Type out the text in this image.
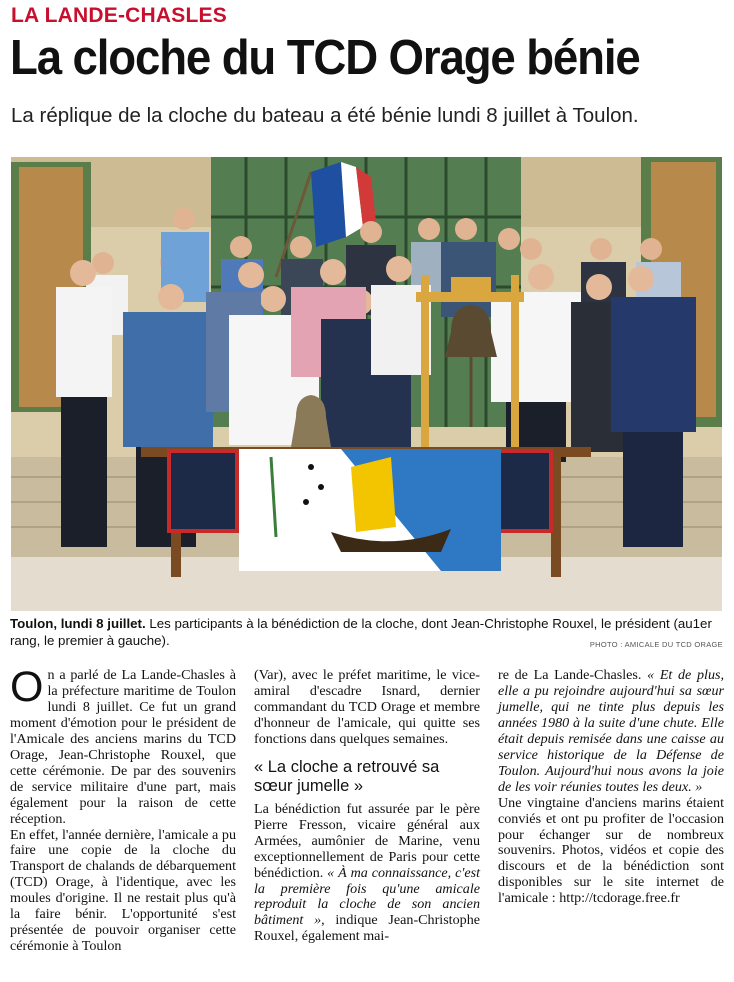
LA LANDE-CHASLES
La cloche du TCD Orage bénie
La réplique de la cloche du bateau a été bénie lundi 8 juillet à Toulon.
Toulon, lundi 8 juillet. Les participants à la bénédiction de la cloche, dont Jean-Christophe Rouxel, le président (au1er rang, le premier à gauche).	PHOTO : AMICALE DU TCD ORAGE
O n a parlé de La Lande-Chasles à la préfecture maritime de Toulon lundi 8 juillet. Ce fut un grand moment d'émotion pour le président de l'Amicale des anciens marins du TCD Orage, Jean-Christophe Rouxel, que cette cérémonie. De par des souvenirs de service militaire d'une part, mais également pour la raison de cette réception.

En effet, l'année dernière, l'amicale a pu faire une copie de la cloche du Transport de chalands de débarquement (TCD) Orage, à l'identique, avec les moules d'origine. Il ne restait plus qu'à la faire bénir. L'opportunité s'est présentée de pouvoir organiser cette cérémonie à Toulon

(Var), avec le préfet maritime, le vice-amiral d'escadre Isnard, dernier commandant du TCD Orage et membre d'honneur de l'amicale, qui quitte ses fonctions dans quelques semaines.

« La cloche a retrouvé sa sœur jumelle »

La bénédiction fut assurée par le père Pierre Fresson, vicaire général aux Armées, aumônier de Marine, venu exceptionnellement de Paris pour cette bénédiction. « À ma connaissance, c'est la première fois qu'une amicale reproduit la cloche de son ancien bâtiment », indique Jean-Christophe Rouxel, également mai-

re de La Lande-Chasles. « Et de plus, elle a pu rejoindre aujourd'hui sa sœur jumelle, qui ne tinte plus depuis les années 1980 à la suite d'une chute. Elle était depuis remisée dans une caisse au service historique de la Défense de Toulon. Aujourd'hui nous avons la joie de les voir réunies toutes les deux. »

Une vingtaine d'anciens marins étaient conviés et ont pu profiter de l'occasion pour échanger sur de nombreux souvenirs. Photos, vidéos et copie des discours et de la bénédiction sont disponibles sur le site internet de l'amicale : http://tcdorage.free.fr
